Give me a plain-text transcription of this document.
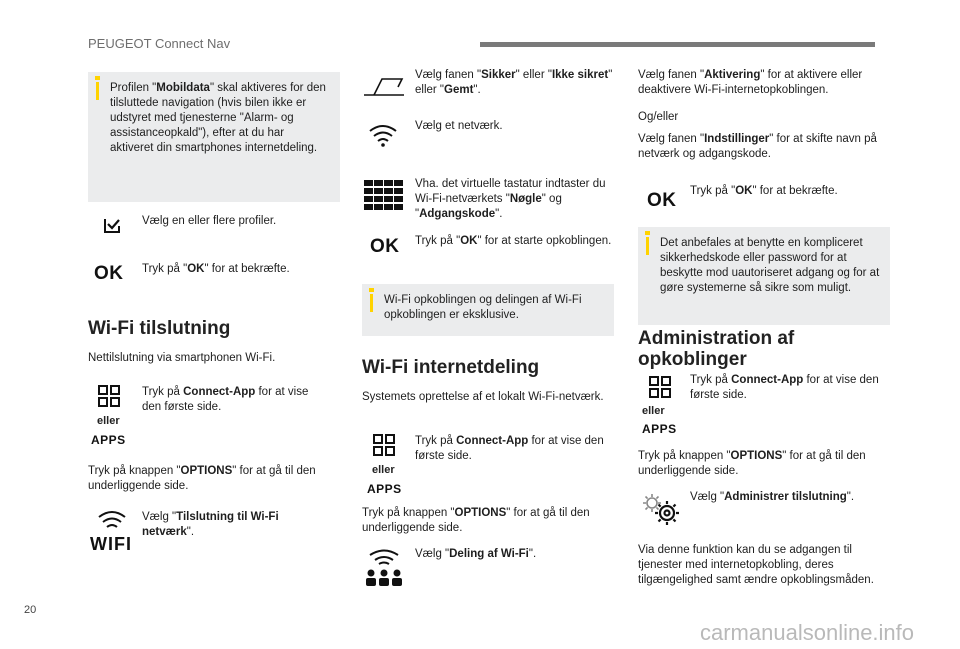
PEUGEOT Connect Nav
Profilen "Mobildata" skal aktiveres for den tilsluttede navigation (hvis bilen ikke er udstyret med tjenesterne "Alarm- og assistanceopkald"), efter at du har aktiveret din smartphones internetdeling.
Vælg en eller flere profiler.
OK Tryk på "OK" for at bekræfte.
Wi-Fi tilslutning
Nettilslutning via smartphonen Wi-Fi.
eller
APPS
Tryk på Connect-App for at vise den første side.
Tryk på knappen "OPTIONS" for at gå til den underliggende side.
WIFI
Vælg "Tilslutning til Wi-Fi netværk".
Vælg fanen "Sikker" eller "Ikke sikret" eller "Gemt".
Vælg et netværk.
Vha. det virtuelle tastatur indtaster du Wi-Fi-netværkets "Nøgle" og "Adgangskode".
OK Tryk på "OK" for at starte opkoblingen.
Wi-Fi opkoblingen og delingen af Wi-Fi opkoblingen er eksklusive.
Wi-Fi internetdeling
Systemets oprettelse af et lokalt Wi-Fi-netværk.
eller
APPS
Tryk på Connect-App for at vise den første side.
Tryk på knappen "OPTIONS" for at gå til den underliggende side.
Vælg "Deling af Wi-Fi".
Vælg fanen "Aktivering" for at aktivere eller deaktivere Wi-Fi-internetopkoblingen.
Og/eller
Vælg fanen "Indstillinger" for at skifte navn på netværk og adgangskode.
OK Tryk på "OK" for at bekræfte.
Det anbefales at benytte en kompliceret sikkerhedskode eller password for at beskytte mod uautoriseret adgang og for at gøre systemerne så sikre som muligt.
Administration af opkoblinger
eller
APPS
Tryk på Connect-App for at vise den første side.
Tryk på knappen "OPTIONS" for at gå til den underliggende side.
Vælg "Administrer tilslutning".
Via denne funktion kan du se adgangen til tjenester med internetopkobling, deres tilgængelighed samt ændre opkoblingsmåden.
20
carmanualsonline.info
